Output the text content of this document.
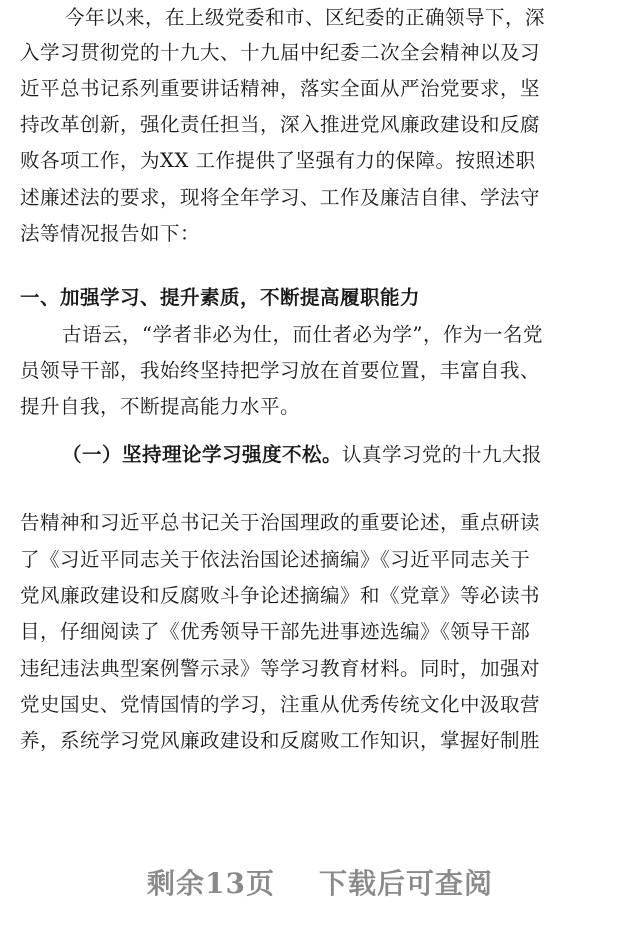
今年以来，在上级党委和市、区纪委的正确领导下，深
入学习贯彻党的十九大、十九届中纪委二次全会精神以及习
近平总书记系列重要讲话精神，落实全面从严治党要求，坚
持改革创新，强化责任担当，深入推进党风廉政建设和反腐
败各项工作，为XX 工作提供了坚强有力的保障。按照述职
述廉述法的要求，现将全年学习、工作及廉洁自律、学法守
法等情况报告如下：
一、加强学习、提升素质，不断提高履职能力
古语云，“学者非必为仕，而仕者必为学”，作为一名党
员领导干部，我始终坚持把学习放在首要位置，丰富自我、
提升自我，不断提高能力水平。
（一）坚持理论学习强度不松。认真学习党的十九大报
告精神和习近平总书记关于治国理政的重要论述，重点研读
了《习近平同志关于依法治国论述摘编》《习近平同志关于
党风廉政建设和反腐败斗争论述摘编》和《党章》等必读书
目，仔细阅读了《优秀领导干部先进事迹选编》《领导干部
违纪违法典型案例警示录》等学习教育材料。同时，加强对
党史国史、党情国情的学习，注重从优秀传统文化中汲取营
养，系统学习党风廉政建设和反腐败工作知识，掌握好制胜
剩余13页 下载后可查阅
